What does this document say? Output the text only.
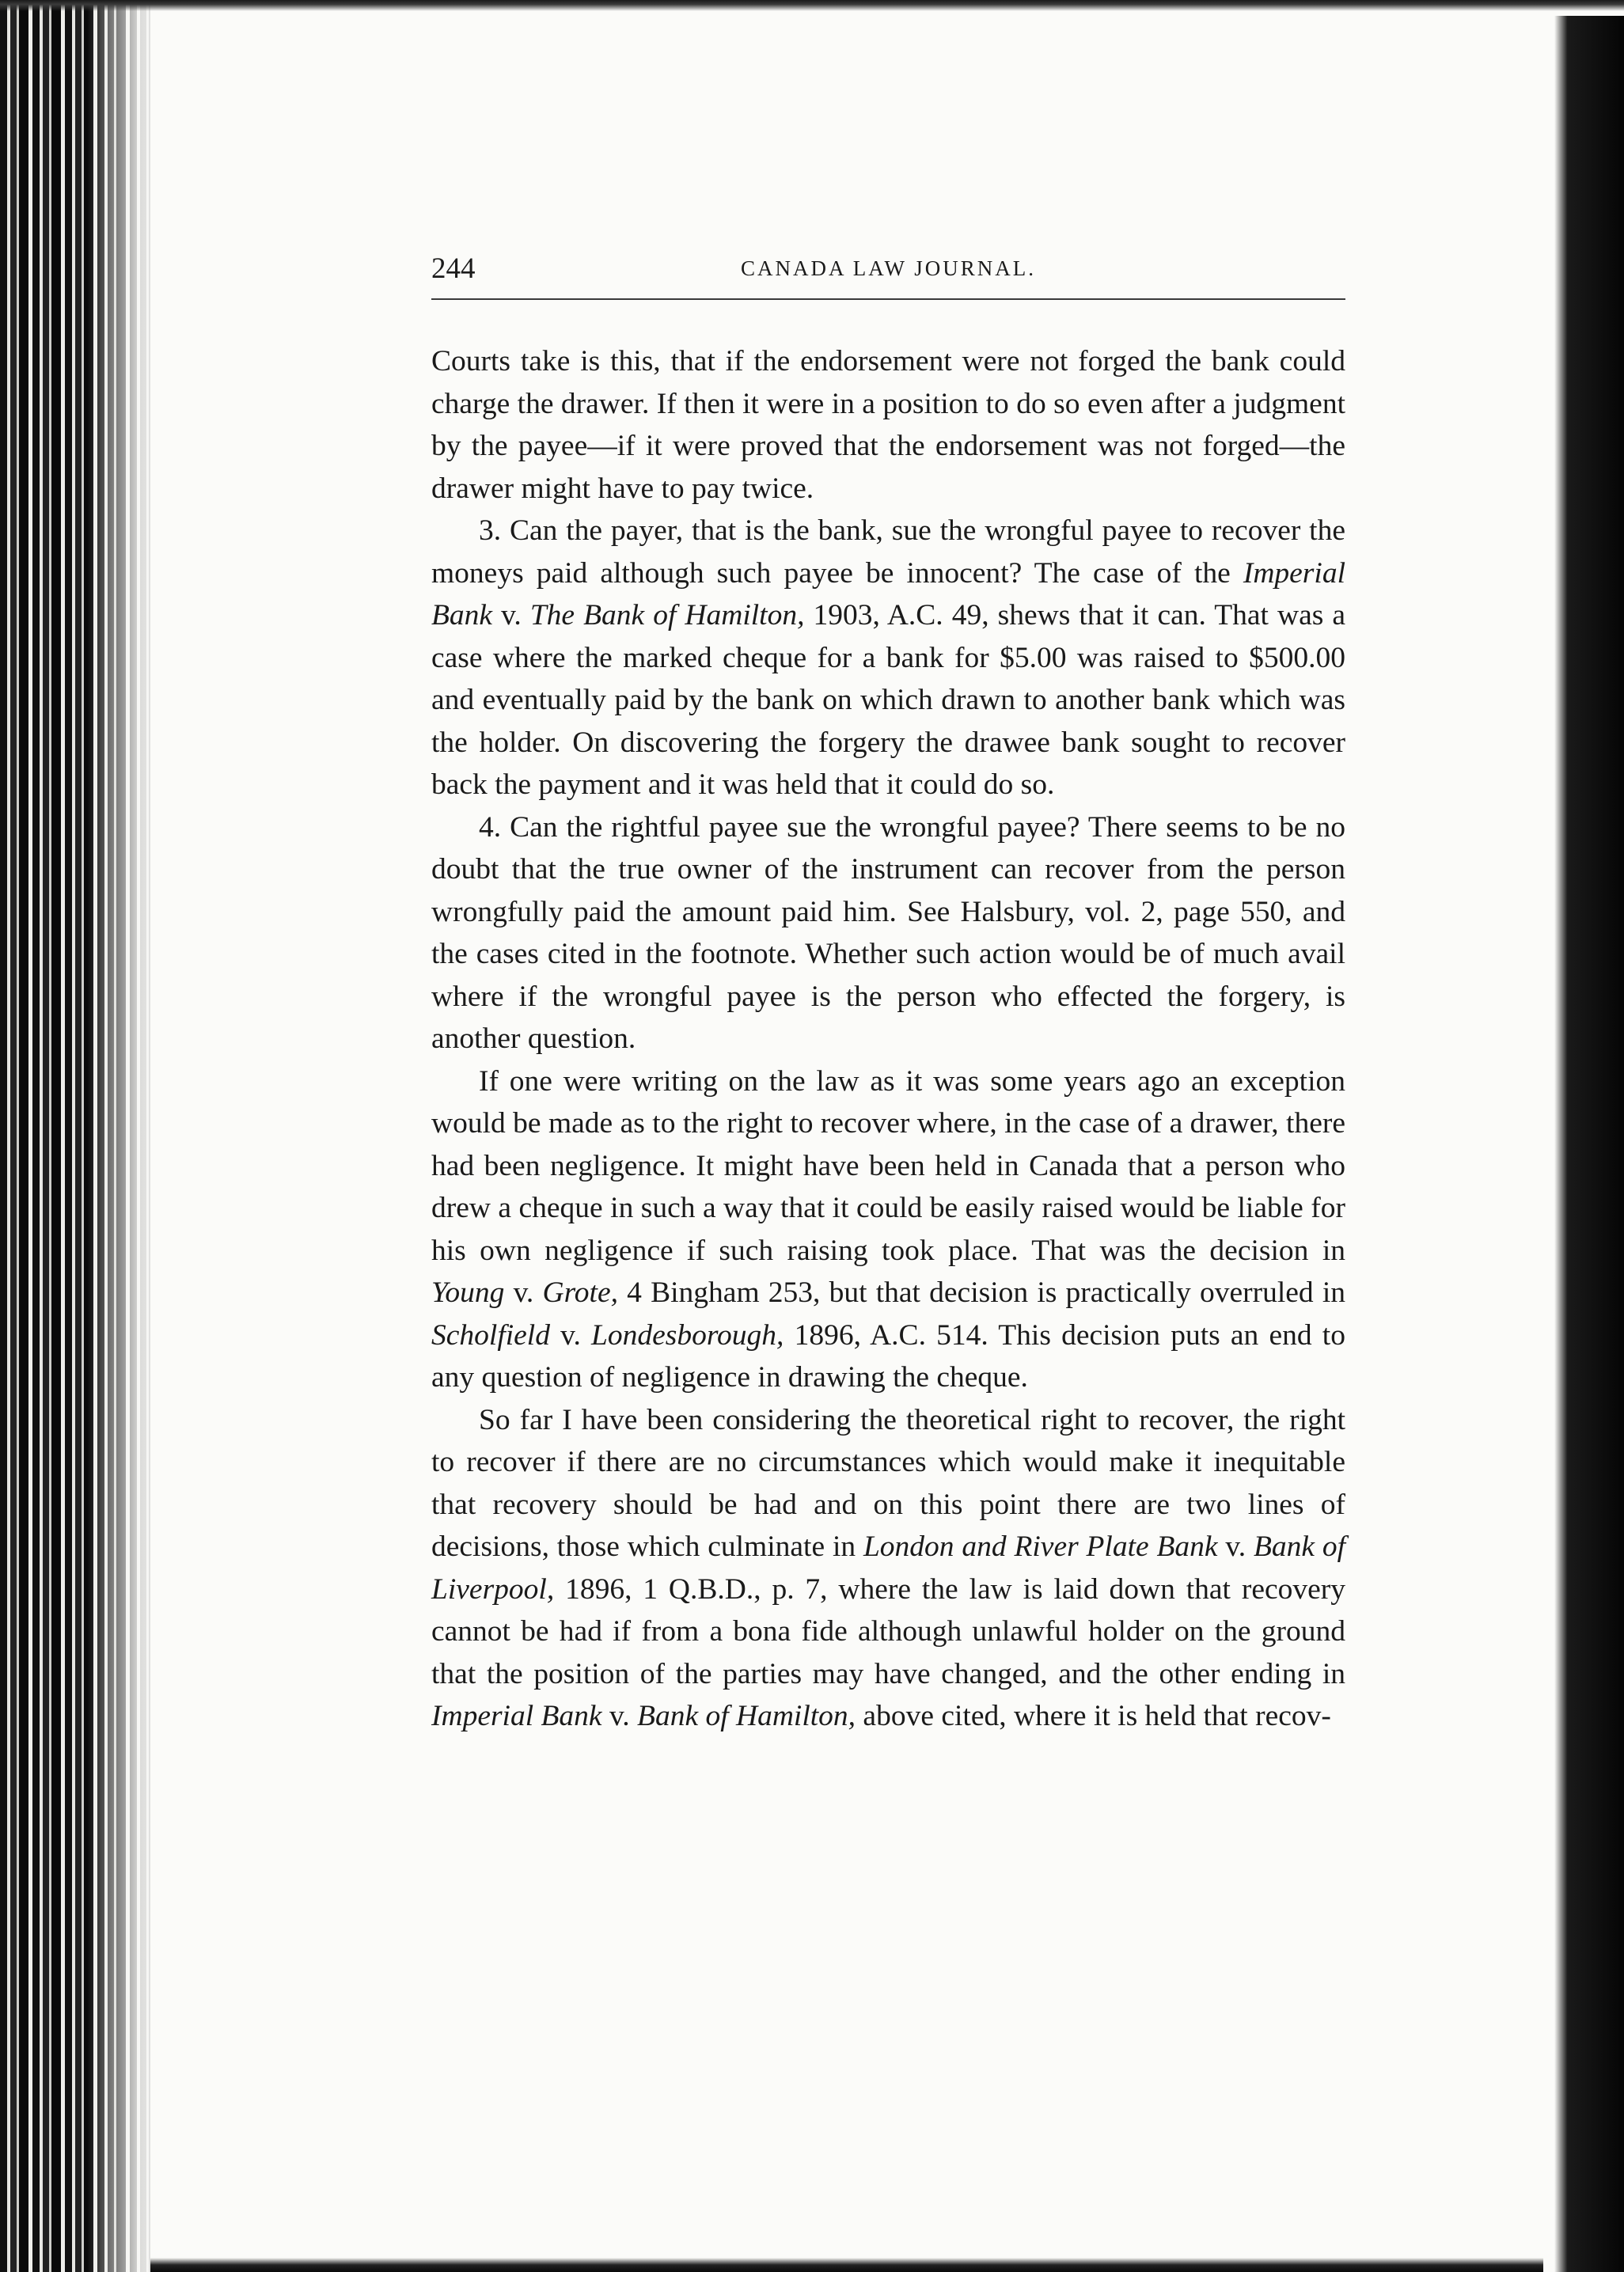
244	CANADA LAW JOURNAL.

Courts take is this, that if the endorsement were not forged the bank could charge the drawer. If then it were in a position to do so even after a judgment by the payee—if it were proved that the endorsement was not forged—the drawer might have to pay twice.

3. Can the payer, that is the bank, sue the wrongful payee to recover the moneys paid although such payee be innocent? The case of the Imperial Bank v. The Bank of Hamilton, 1903, A.C. 49, shews that it can. That was a case where the marked cheque for a bank for $5.00 was raised to $500.00 and eventually paid by the bank on which drawn to another bank which was the holder. On discovering the forgery the drawee bank sought to recover back the payment and it was held that it could do so.

4. Can the rightful payee sue the wrongful payee? There seems to be no doubt that the true owner of the instrument can recover from the person wrongfully paid the amount paid him. See Halsbury, vol. 2, page 550, and the cases cited in the footnote. Whether such action would be of much avail where if the wrongful payee is the person who effected the forgery, is another question.

If one were writing on the law as it was some years ago an exception would be made as to the right to recover where, in the case of a drawer, there had been negligence. It might have been held in Canada that a person who drew a cheque in such a way that it could be easily raised would be liable for his own negligence if such raising took place. That was the decision in Young v. Grote, 4 Bingham 253, but that decision is practically overruled in Scholfield v. Londesborough, 1896, A.C. 514. This decision puts an end to any question of negligence in drawing the cheque.

So far I have been considering the theoretical right to recover, the right to recover if there are no circumstances which would make it inequitable that recovery should be had and on this point there are two lines of decisions, those which culminate in London and River Plate Bank v. Bank of Liverpool, 1896, 1 Q.B.D., p. 7, where the law is laid down that recovery cannot be had if from a bona fide although unlawful holder on the ground that the position of the parties may have changed, and the other ending in Imperial Bank v. Bank of Hamilton, above cited, where it is held that recov-
